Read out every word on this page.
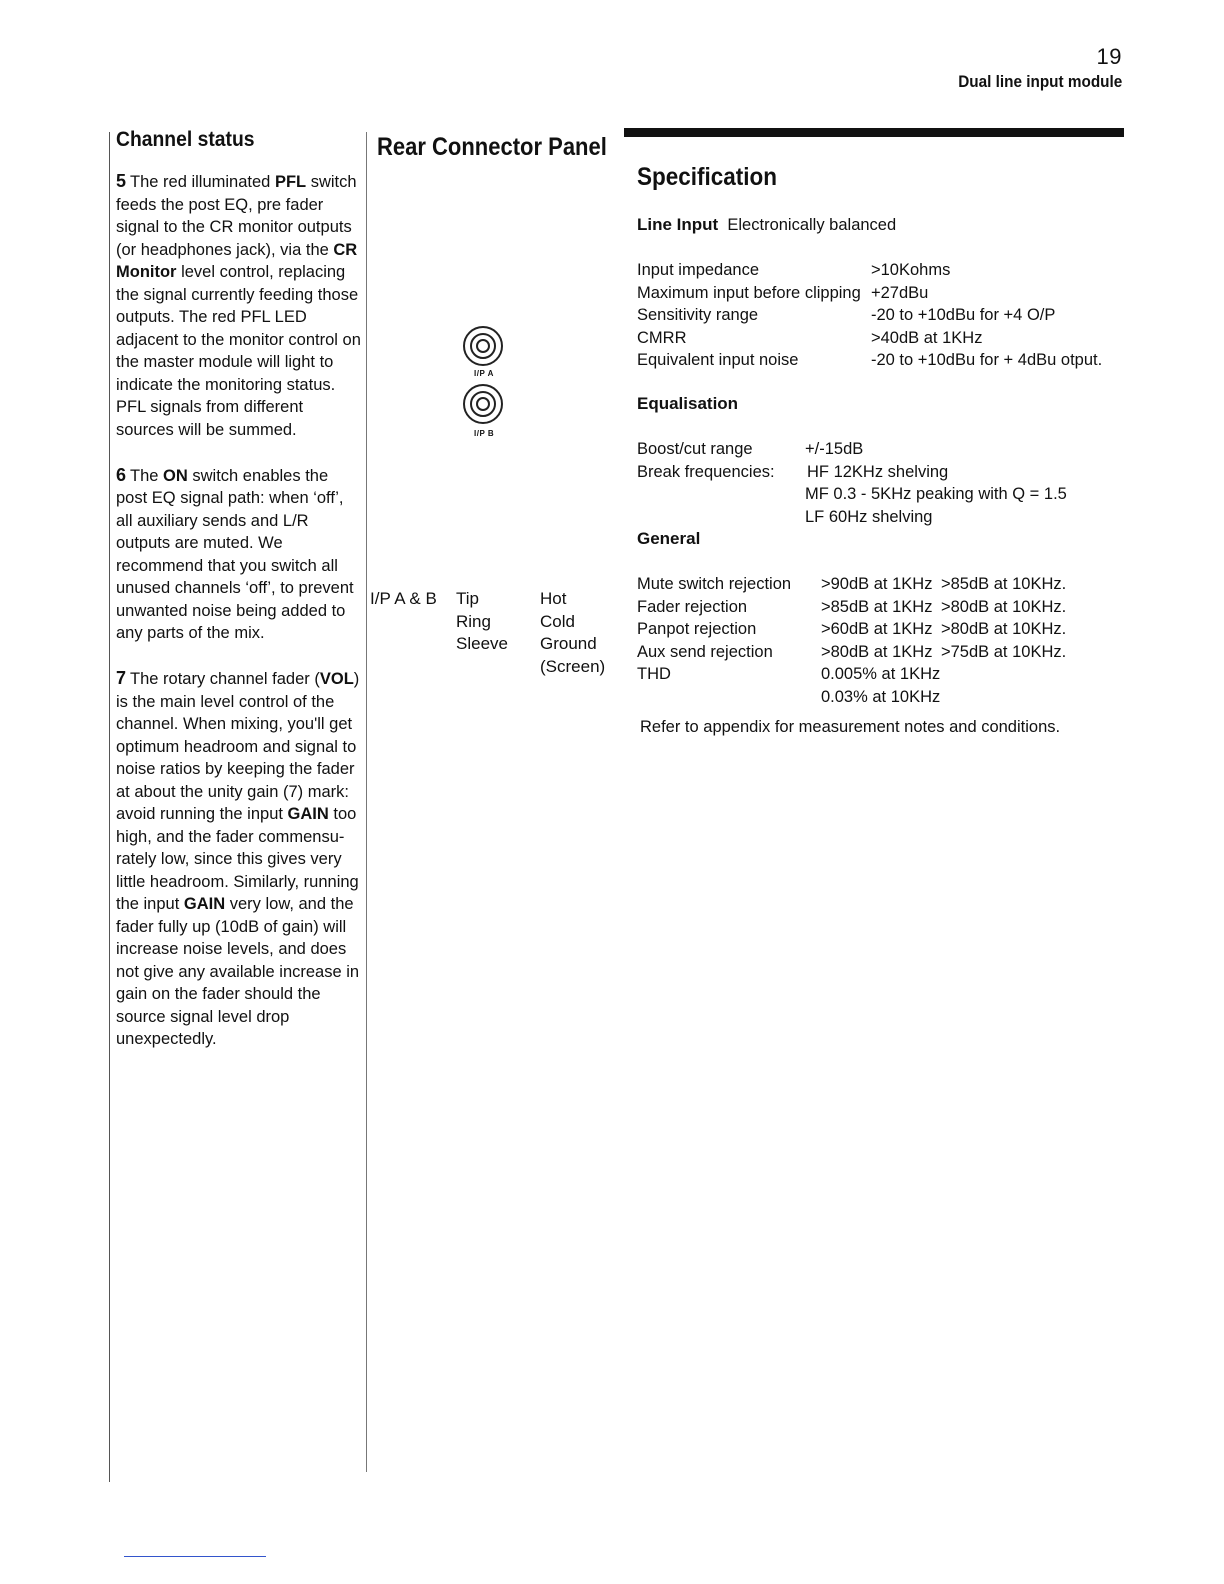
19
Dual line input module
Channel status

5 The red illuminated PFL switch feeds the post EQ, pre fader signal to the CR monitor outputs (or headphones jack), via the CR Monitor level control, replacing the signal currently feeding those outputs. The red PFL LED adjacent to the monitor control on the master module will light to indicate the monitoring status. PFL signals from different sources will be summed.

6 The ON switch enables the post EQ signal path: when ‘off’, all auxiliary sends and L/R outputs are muted. We recommend that you switch all unused channels ‘off’, to prevent unwanted noise being added to any parts of the mix.

7 The rotary channel fader (VOL) is the main level control of the channel. When mixing, you'll get optimum headroom and signal to noise ratios by keeping the fader at about the unity gain (7) mark: avoid running the input GAIN too high, and the fader commensu-rately low, since this gives very little headroom. Similarly, running the input GAIN very low, and the fader fully up (10dB of gain) will increase noise levels, and does not give any available increase in gain on the fader should the source signal level drop unexpectedly.

Rear Connector Panel
I/P A
I/P B
I/P A & B Tip	Hot
Ring	Cold
Sleeve Ground
(Screen)
Specification
Line Input Electronically balanced
Input impedance	>10Kohms
Maximum input before clipping +27dBu
Sensitivity range	-20 to +10dBu for +4 O/P
CMRR	>40dB at 1KHz
Equivalent input noise	-20 to +10dBu for + 4dBu otput.
Equalisation
Boost/cut range	+/-15dB
Break frequencies: HF 12KHz shelving
MF 0.3 - 5KHz peaking with Q = 1.5
LF 60Hz shelving
General
Mute switch rejection >90dB at 1KHz >85dB at 10KHz.
Fader rejection	>85dB at 1KHz >80dB at 10KHz.
Panpot rejection	>60dB at 1KHz >80dB at 10KHz.
Aux send rejection	>80dB at 1KHz >75dB at 10KHz.
THD	0.005% at 1KHz
0.03% at 10KHz
Refer to appendix for measurement notes and conditions.
